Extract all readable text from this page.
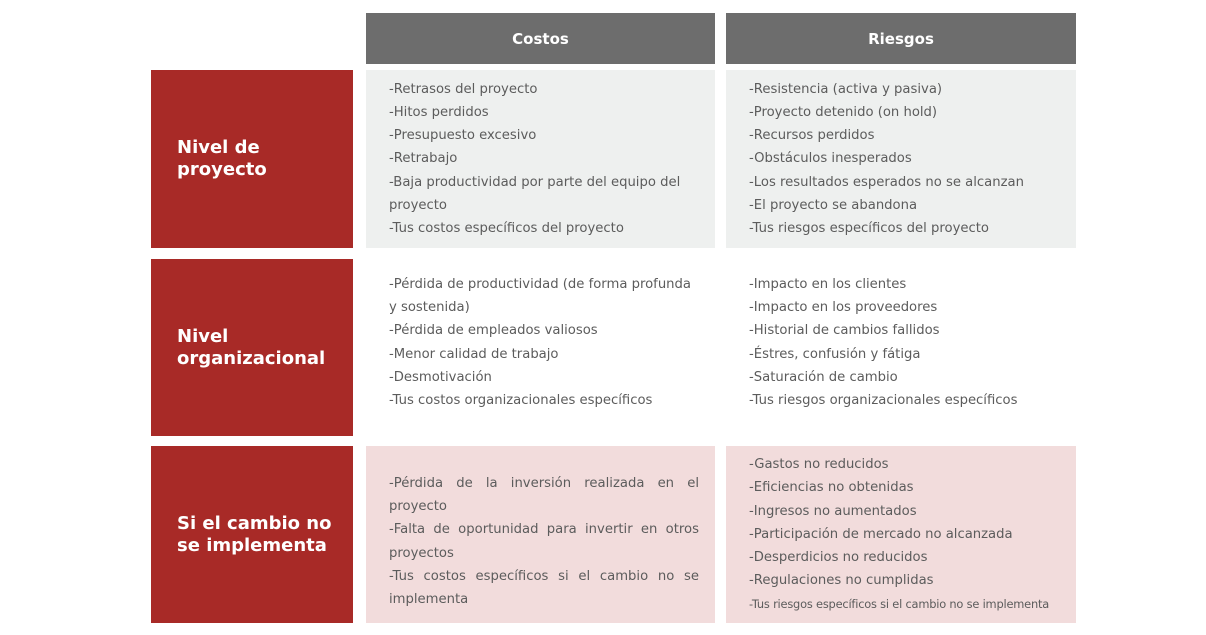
Costos	Riesgos
Nivel de
proyecto
-Retrasos del proyecto
-Hitos perdidos
-Presupuesto excesivo
-Retrabajo
-Baja productividad por parte del equipo del proyecto
-Tus costos específicos del proyecto
-Resistencia (activa y pasiva)
-Proyecto detenido (on hold)
-Recursos perdidos
-Obstáculos inesperados
-Los resultados esperados no se alcanzan
-El proyecto se abandona
-Tus riesgos específicos del proyecto
Nivel
organizacional
-Pérdida de productividad (de forma profunda y sostenida)
-Pérdida de empleados valiosos
-Menor calidad de trabajo
-Desmotivación
-Tus costos organizacionales específicos
-Impacto en los clientes
-Impacto en los proveedores
-Historial de cambios fallidos
-Éstres, confusión y fátiga
-Saturación de cambio
-Tus riesgos organizacionales específicos
Si el cambio no
se implementa
-Pérdida de la inversión realizada en el proyecto
-Falta de oportunidad para invertir en otros proyectos
-Tus costos específicos si el cambio no se implementa
-Gastos no reducidos
-Eficiencias no obtenidas
-Ingresos no aumentados
-Participación de mercado no alcanzada
-Desperdicios no reducidos
-Regulaciones no cumplidas
-Tus riesgos específicos si el cambio no se implementa
